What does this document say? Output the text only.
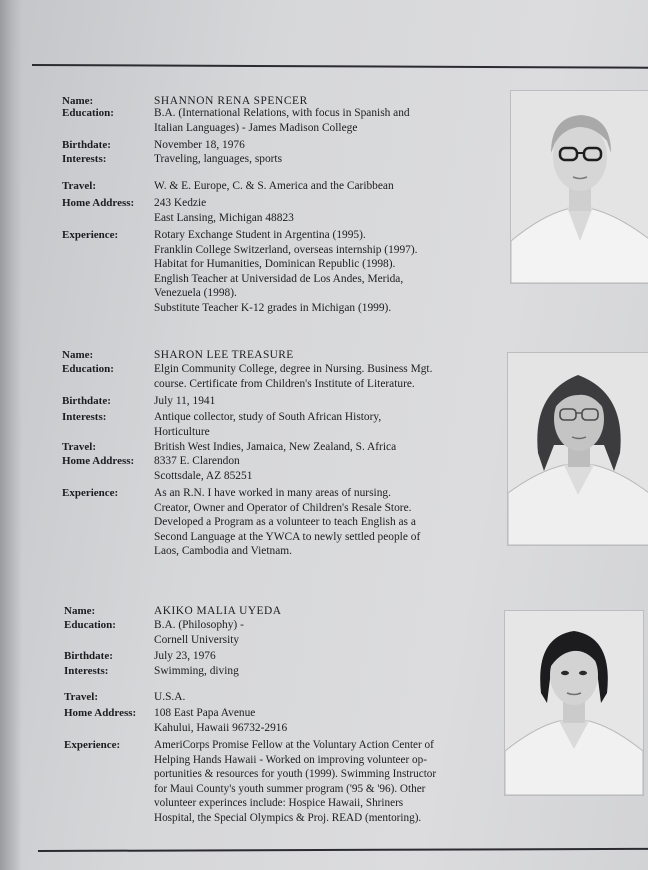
Name:	SHANNON RENA SPENCER
Education:	B.A. (International Relations, with focus in Spanish and
Italian Languages) - James Madison College
Birthdate:	November 18, 1976
Interests:	Traveling, languages, sports
Travel:	W. & E. Europe, C. & S. America and the Caribbean
Home Address: 243 Kedzie
East Lansing, Michigan 48823
Experience:	Rotary Exchange Student in Argentina (1995).
Franklin College Switzerland, overseas internship (1997).
Habitat for Humanities, Dominican Republic (1998).
English Teacher at Universidad de Los Andes, Merida,
Venezuela (1998).
Substitute Teacher K-12 grades in Michigan (1999).
Name:	SHARON LEE TREASURE
Education:	Elgin Community College, degree in Nursing. Business Mgt.
course. Certificate from Children's Institute of Literature.
Birthdate:	July 11, 1941
Interests:	Antique collector, study of South African History,
Horticulture
Travel:	British West Indies, Jamaica, New Zealand, S. Africa
Home Address: 8337 E. Clarendon
Scottsdale, AZ 85251
Experience:	As an R.N. I have worked in many areas of nursing.
Creator, Owner and Operator of Children's Resale Store.
Developed a Program as a volunteer to teach English as a
Second Language at the YWCA to newly settled people of
Laos, Cambodia and Vietnam.
Name:	AKIKO MALIA UYEDA
Education:	B.A. (Philosophy) -
Cornell University
Birthdate:	July 23, 1976
Interests:	Swimming, diving
Travel:	U.S.A.
Home Address: 108 East Papa Avenue
Kahului, Hawaii 96732-2916
Experience:	AmeriCorps Promise Fellow at the Voluntary Action Center of
Helping Hands Hawaii - Worked on improving volunteer op-
portunities & resources for youth (1999). Swimming Instructor
for Maui County's youth summer program ('95 & '96). Other
volunteer experinces include: Hospice Hawaii, Shriners
Hospital, the Special Olympics & Proj. READ (mentoring).
